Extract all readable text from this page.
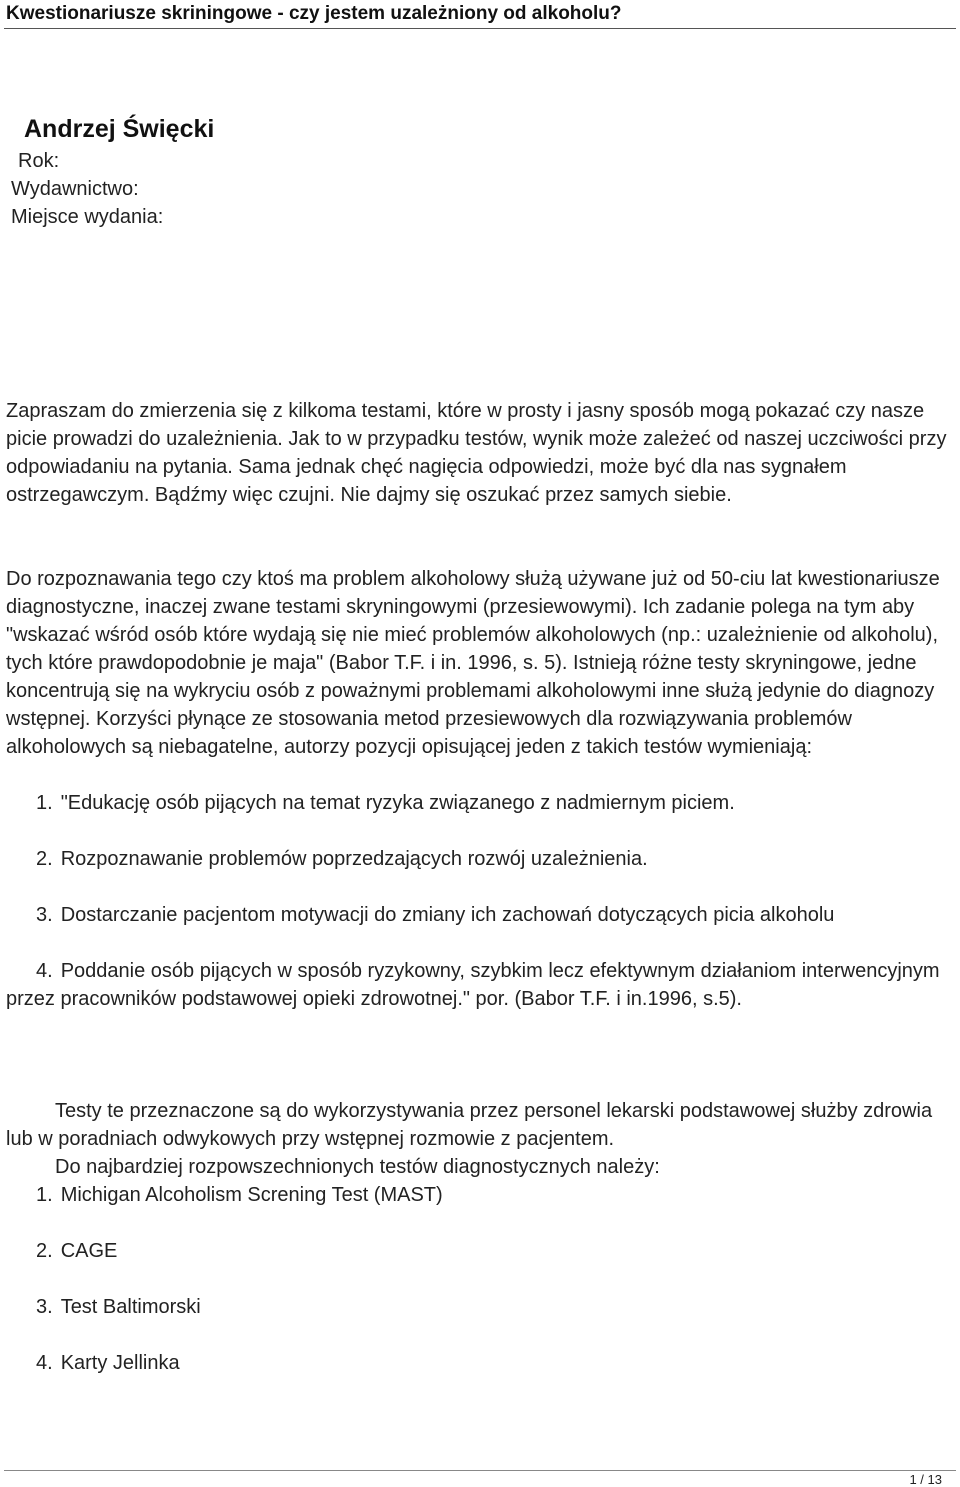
Kwestionariusze skriningowe - czy jestem uzależniony od alkoholu?
Andrzej Święcki
Rok:
Wydawnictwo:
Miejsce wydania:

Zapraszam do zmierzenia się z kilkoma testami, które w prosty i jasny sposób mogą pokazać czy nasze picie prowadzi do uzależnienia. Jak to w przypadku testów, wynik może zależeć od naszej uczciwości przy odpowiadaniu na pytania. Sama jednak chęć nagięcia odpowiedzi, może być dla nas sygnałem ostrzegawczym. Bądźmy więc czujni. Nie dajmy się oszukać przez samych siebie.

Do rozpoznawania tego czy ktoś ma problem alkoholowy służą używane już od 50-ciu lat kwestionariusze diagnostyczne, inaczej zwane testami skryningowymi (przesiewowymi). Ich zadanie polega na tym aby "wskazać wśród osób które wydają się nie mieć problemów alkoholowych (np.: uzależnienie od alkoholu), tych które prawdopodobnie je maja" (Babor T.F. i in. 1996, s. 5). Istnieją różne testy skryningowe, jedne koncentrują się na wykryciu osób z poważnymi problemami alkoholowymi inne służą jedynie do diagnozy wstępnej. Korzyści płynące ze stosowania metod przesiewowych dla rozwiązywania problemów alkoholowych są niebagatelne, autorzy pozycji opisującej jeden z takich testów wymieniają:

1. "Edukację osób pijących na temat ryzyka związanego z nadmiernym piciem.

2. Rozpoznawanie problemów poprzedzających rozwój uzależnienia.

3. Dostarczanie pacjentom motywacji do zmiany ich zachowań dotyczących picia alkoholu

4. Poddanie osób pijących w sposób ryzykowny, szybkim lecz efektywnym działaniom interwencyjnym przez pracowników podstawowej opieki zdrowotnej." por. (Babor T.F. i in.1996, s.5).

Testy te przeznaczone są do wykorzystywania przez personel lekarski podstawowej służby zdrowia lub w poradniach odwykowych przy wstępnej rozmowie z pacjentem.

Do najbardziej rozpowszechnionych testów diagnostycznych należy:

1. Michigan Alcoholism Screning Test (MAST)

2. CAGE

3. Test Baltimorski

4. Karty Jellinka

1 / 13
